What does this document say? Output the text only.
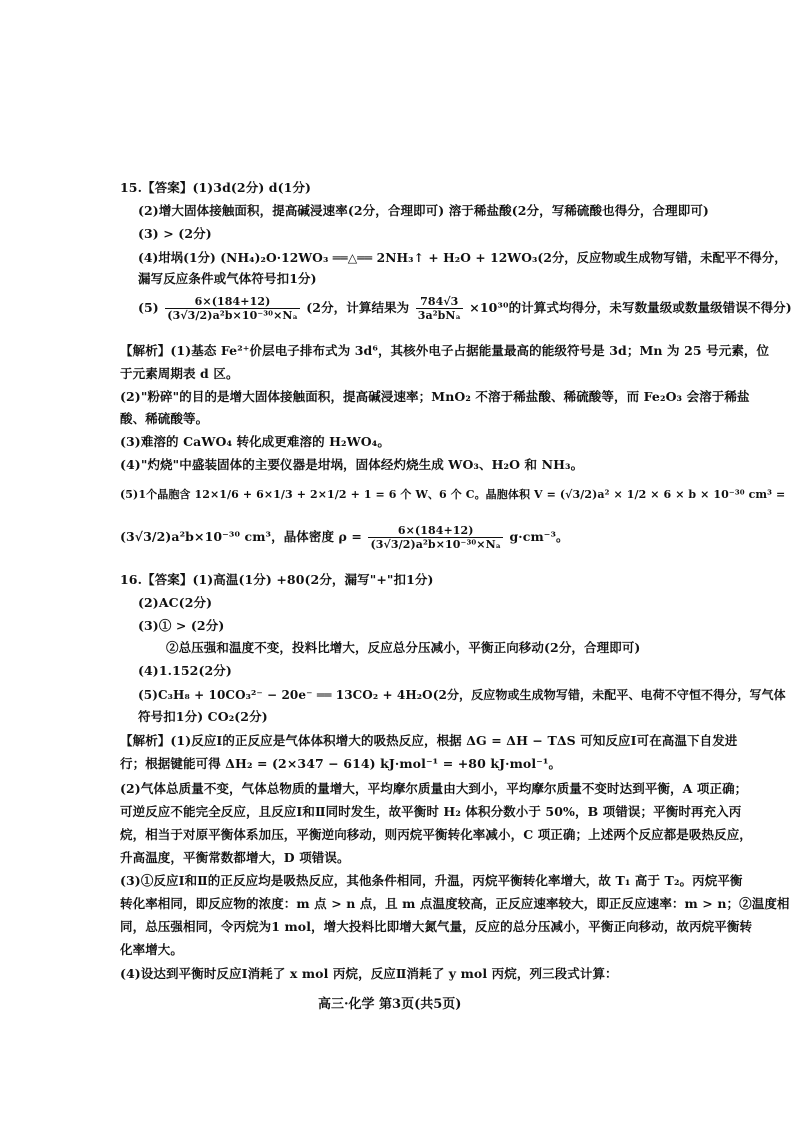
15.【答案】(1)3d(2分) d(1分)
(2)增大固体接触面积，提高碱浸速率(2分，合理即可) 溶于稀盐酸(2分，写稀硫酸也得分，合理即可)
(3) > (2分)
(4)坩埚(1分) (NH₄)₂O·12WO₃ ══△══ 2NH₃↑ + H₂O + 12WO₃(2分，反应物或生成物写错，未配平不得分，
漏写反应条件或气体符号扣1分)
$(5) \frac{6\times(184+12)}{\text{(3√3/2)a²b×10⁻³⁰×Nₐ}} (2$分，计算结果为 $\frac{784√3}{\text{3a²bNₐ}} \times 10^{30}$的计算式均得分，未写数量级或数量级错误不得分)
【解析】(1)基态 Fe²⁺价层电子排布式为 3d⁶，其核外电子占据能量最高的能级符号是 3d；Mn 为 25 号元素，位
于元素周期表 d 区。
(2)"粉碎"的目的是增大固体接触面积，提高碱浸速率；MnO₂ 不溶于稀盐酸、稀硫酸等，而 Fe₂O₃ 会溶于稀盐
酸、稀硫酸等。
(3)难溶的 CaWO₄ 转化成更难溶的 H₂WO₄。
(4)"灼烧"中盛装固体的主要仪器是坩埚，固体经灼烧生成 WO₃、H₂O 和 NH₃。
(5)1个晶胞含 12×1/6 + 6×1/3 + 2×1/2 + 1 = 6 个 W、6 个 C。晶胞体积 V = (√3/2)a² × 1/2 × 6 × b × 10⁻³⁰ cm³ =
(3√3/2)a²b×10⁻³⁰ cm³，晶体密度 $\rho = \frac{6\times(184+12)}{\text{(3√3/2)a²b×10⁻³⁰×Nₐ}} g\cdot cm^{-3}$。
16.【答案】(1)高温(1分) +80(2分，漏写"+"扣1分)
(2)AC(2分)
(3)① > (2分)
②总压强和温度不变，投料比增大，反应总分压减小，平衡正向移动(2分，合理即可)
(4)1.152(2分)
(5)C₃H₈ + 10CO₃²⁻ − 20e⁻ ══ 13CO₂ + 4H₂O(2分，反应物或生成物写错，未配平、电荷不守恒不得分，写气体
符号扣1分) CO₂(2分)
【解析】(1)反应Ⅰ的正反应是气体体积增大的吸热反应，根据 ΔG = ΔH − TΔS 可知反应Ⅰ可在高温下自发进
行；根据键能可得 ΔH₂ = (2×347 − 614) kJ·mol⁻¹ = +80 kJ·mol⁻¹。
(2)气体总质量不变，气体总物质的量增大，平均摩尔质量由大到小，平均摩尔质量不变时达到平衡，A 项正确；
可逆反应不能完全反应，且反应Ⅰ和Ⅱ同时发生，故平衡时 H₂ 体积分数小于 50%，B 项错误；平衡时再充入丙
烷，相当于对原平衡体系加压，平衡逆向移动，则丙烷平衡转化率减小，C 项正确；上述两个反应都是吸热反应，
升高温度，平衡常数都增大，D 项错误。
(3)①反应Ⅰ和Ⅱ的正反应均是吸热反应，其他条件相同，升温，丙烷平衡转化率增大，故 T₁ 高于 T₂。丙烷平衡
转化率相同，即反应物的浓度：m 点 > n 点，且 m 点温度较高，正反应速率较大，即正反应速率：m > n；②温度相
同，总压强相同，令丙烷为1 mol，增大投料比即增大氮气量，反应的总分压减小，平衡正向移动，故丙烷平衡转
化率增大。
(4)设达到平衡时反应Ⅰ消耗了 x mol 丙烷，反应Ⅱ消耗了 y mol 丙烷，列三段式计算：
高三·化学 第3页(共5页)
